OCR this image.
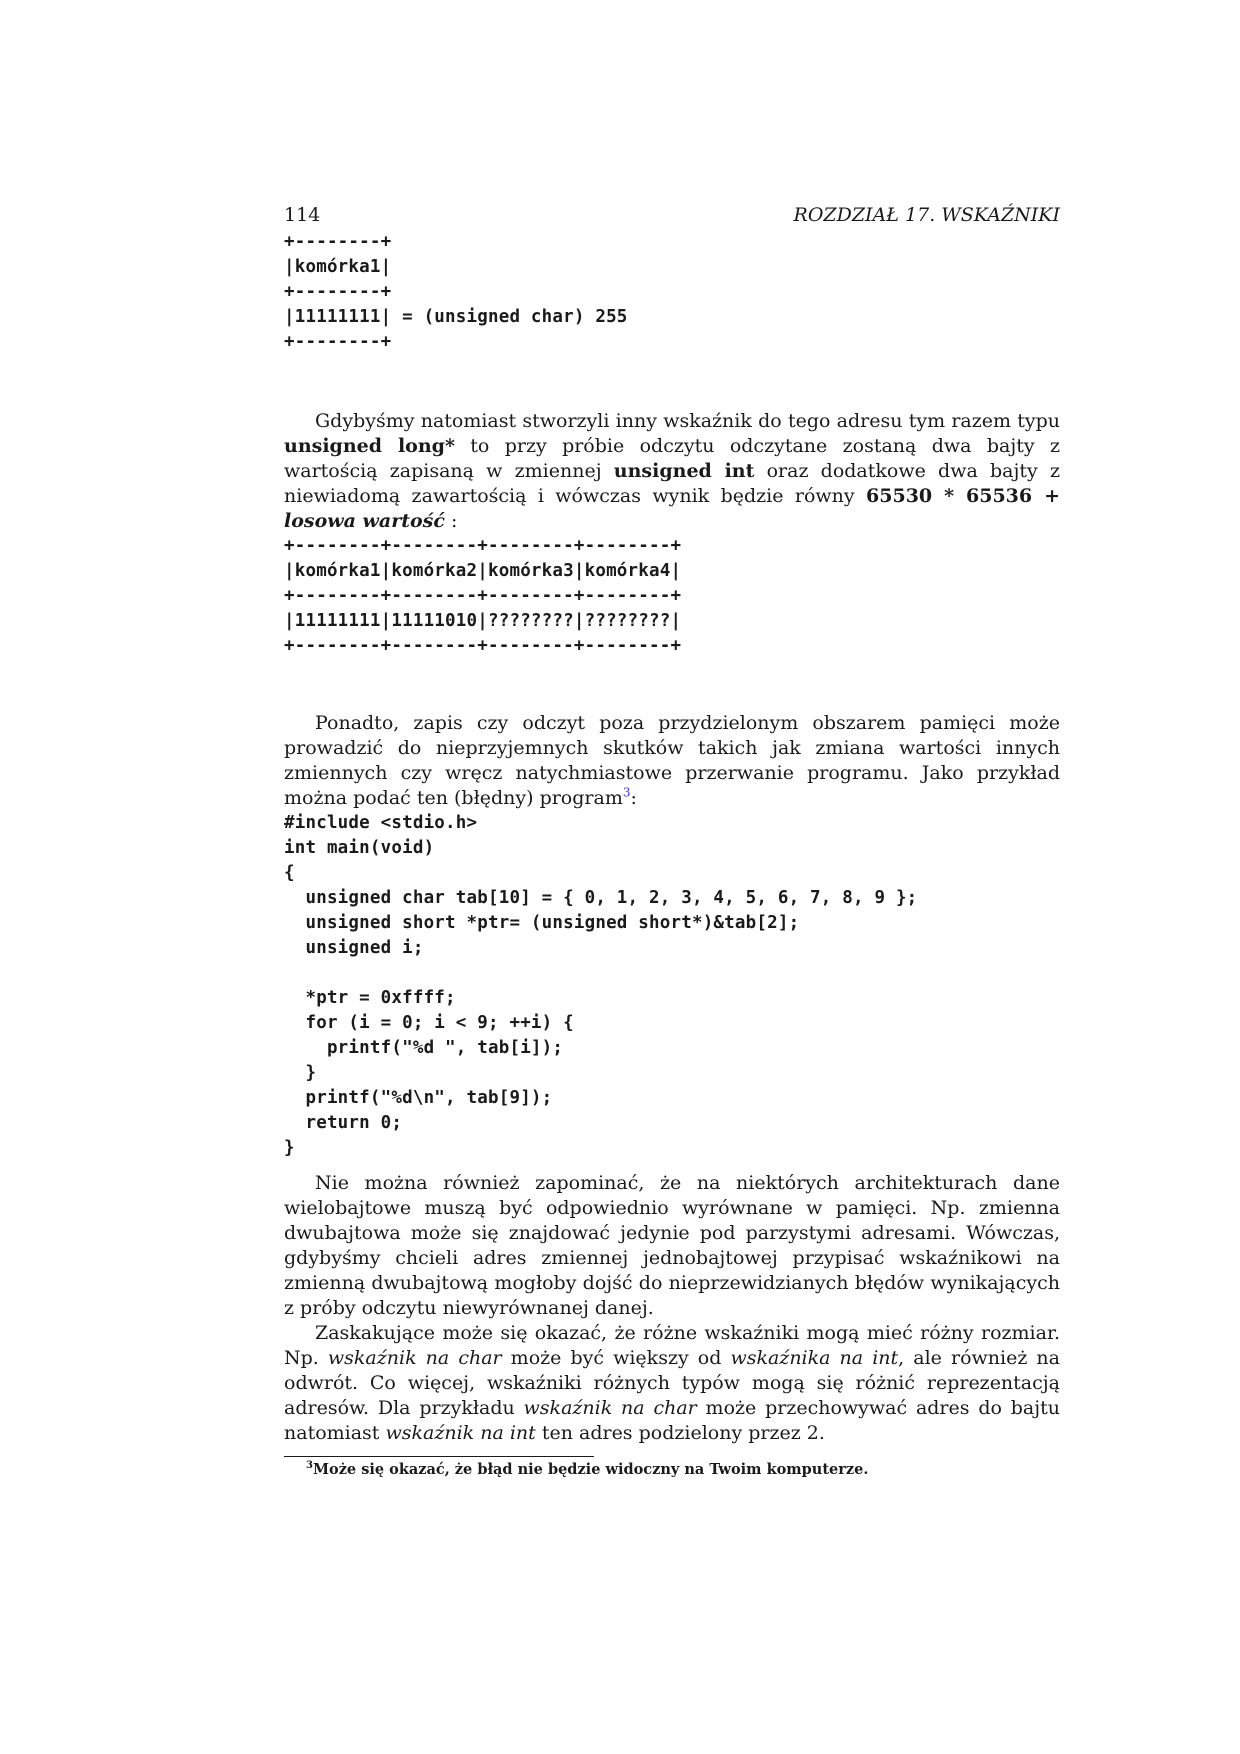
114	ROZDZIAŁ 17. WSKAŹNIKI
+--------+
|komórka1|
+--------+
|11111111| = (unsigned char) 255
+--------+

Gdybyśmy natomiast stworzyli inny wskaźnik do tego adresu tym razem typu unsigned long* to przy próbie odczytu odczytane zostaną dwa bajty z wartością zapisaną w zmiennej unsigned int oraz dodatkowe dwa bajty z niewiadomą zawartością i wówczas wynik będzie równy 65530 * 65536 + losowa wartość :

+--------+--------+--------+--------+
|komórka1|komórka2|komórka3|komórka4|
+--------+--------+--------+--------+
|11111111|11111010|????????|????????|
+--------+--------+--------+--------+

Ponadto, zapis czy odczyt poza przydzielonym obszarem pamięci może prowadzić do nieprzyjemnych skutków takich jak zmiana wartości innych zmiennych czy wręcz natychmiastowe przerwanie programu. Jako przykład można podać ten (błędny) program$^3$:

#include <stdio.h>
int main(void)
{
unsigned char tab[10] = { 0, 1, 2, 3, 4, 5, 6, 7, 8, 9 };
unsigned short *ptr= (unsigned short*)&tab[2];
unsigned i;

*ptr = 0xffff;
for (i = 0; i < 9; ++i) {
printf("%d ", tab[i]);
}
printf("%d\n", tab[9]);
return 0;
}

Nie można również zapominać, że na niektórych architekturach dane wielobajtowe muszą być odpowiednio wyrównane w pamięci. Np. zmienna dwubajtowa może się znajdować jedynie pod parzystymi adresami. Wówczas, gdybyśmy chcieli adres zmiennej jednobajtowej przypisać wskaźnikowi na zmienną dwubajtową mogłoby dojść do nieprzewidzianych błędów wynikających z próby odczytu niewyrównanej danej.

Zaskakujące może się okazać, że różne wskaźniki mogą mieć różny rozmiar. Np. wskaźnik na char może być większy od wskaźnika na int, ale również na odwrót. Co więcej, wskaźniki różnych typów mogą się różnić reprezentacją adresów. Dla przykładu wskaźnik na char może przechowywać adres do bajtu natomiast wskaźnik na int ten adres podzielony przez 2.

$^3$Może się okazać, że błąd nie będzie widoczny na Twoim komputerze.
